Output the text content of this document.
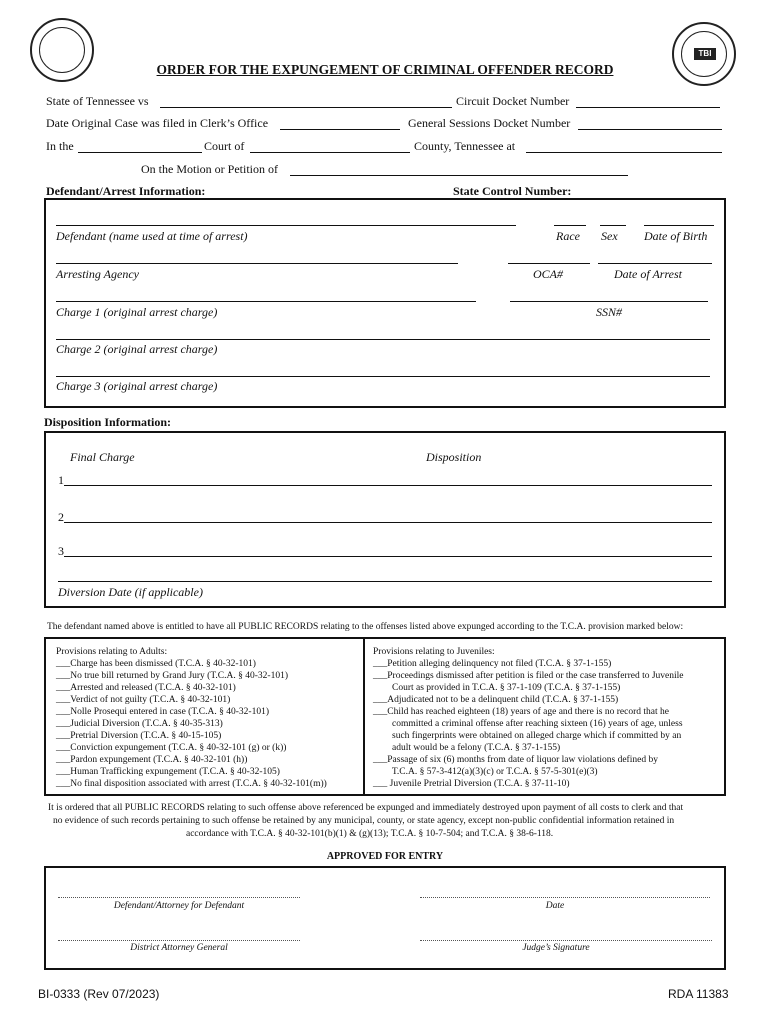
TBI
ORDER FOR THE EXPUNGEMENT OF CRIMINAL OFFENDER RECORD
State of Tennessee vs	Circuit Docket Number
Date Original Case was filed in Clerk’s Office	General Sessions Docket Number
In the	Court of	County, Tennessee at
On the Motion or Petition of
Defendant/Arrest Information:	State Control Number:
Defendant (name used at time of arrest)	Race Sex Date of Birth
Arresting Agency	OCA#	Date of Arrest
Charge 1 (original arrest charge)	SSN#
Charge 2 (original arrest charge)
Charge 3 (original arrest charge)
Disposition Information:
Final Charge	Disposition
1
2
3
Diversion Date (if applicable)
The defendant named above is entitled to have all PUBLIC RECORDS relating to the offenses listed above expunged according to the T.C.A. provision marked below:
Provisions relating to Adults:
___Charge has been dismissed (T.C.A. § 40-32-101)
___No true bill returned by Grand Jury (T.C.A. § 40-32-101)
___Arrested and released (T.C.A. § 40-32-101)
___Verdict of not guilty (T.C.A. § 40-32-101)
___Nolle Prosequi entered in case (T.C.A. § 40-32-101)
___Judicial Diversion (T.C.A. § 40-35-313)
___Pretrial Diversion (T.C.A. § 40-15-105)
___Conviction expungement (T.C.A. § 40-32-101 (g) or (k))
___Pardon expungement (T.C.A. § 40-32-101 (h))
___Human Trafficking expungement (T.C.A. § 40-32-105)
___No final disposition associated with arrest (T.C.A. § 40-32-101(m))
Provisions relating to Juveniles:
___Petition alleging delinquency not filed (T.C.A. § 37-1-155)
___Proceedings dismissed after petition is filed or the case transferred to Juvenile
Court as provided in T.C.A. § 37-1-109 (T.C.A. § 37-1-155)
___Adjudicated not to be a delinquent child (T.C.A. § 37-1-155)
___Child has reached eighteen (18) years of age and there is no record that he
committed a criminal offense after reaching sixteen (16) years of age, unless
such fingerprints were obtained on alleged charge which if committed by an
adult would be a felony (T.C.A. § 37-1-155)
___Passage of six (6) months from date of liquor law violations defined by
T.C.A. § 57-3-412(a)(3)(c) or T.C.A. § 57-5-301(e)(3)
___ Juvenile Pretrial Diversion (T.C.A. § 37-11-10)
It is ordered that all PUBLIC RECORDS relating to such offense above referenced be expunged and immediately destroyed upon payment of all costs to clerk and that
no evidence of such records pertaining to such offense be retained by any municipal, county, or state agency, except non-public confidential information retained in
accordance with T.C.A. § 40-32-101(b)(1) & (g)(13); T.C.A. § 10-7-504; and T.C.A. § 38-6-118.
APPROVED FOR ENTRY
Defendant/Attorney for Defendant	Date
District Attorney General	Judge’s Signature
BI-0333 (Rev 07/2023)	RDA 11383
